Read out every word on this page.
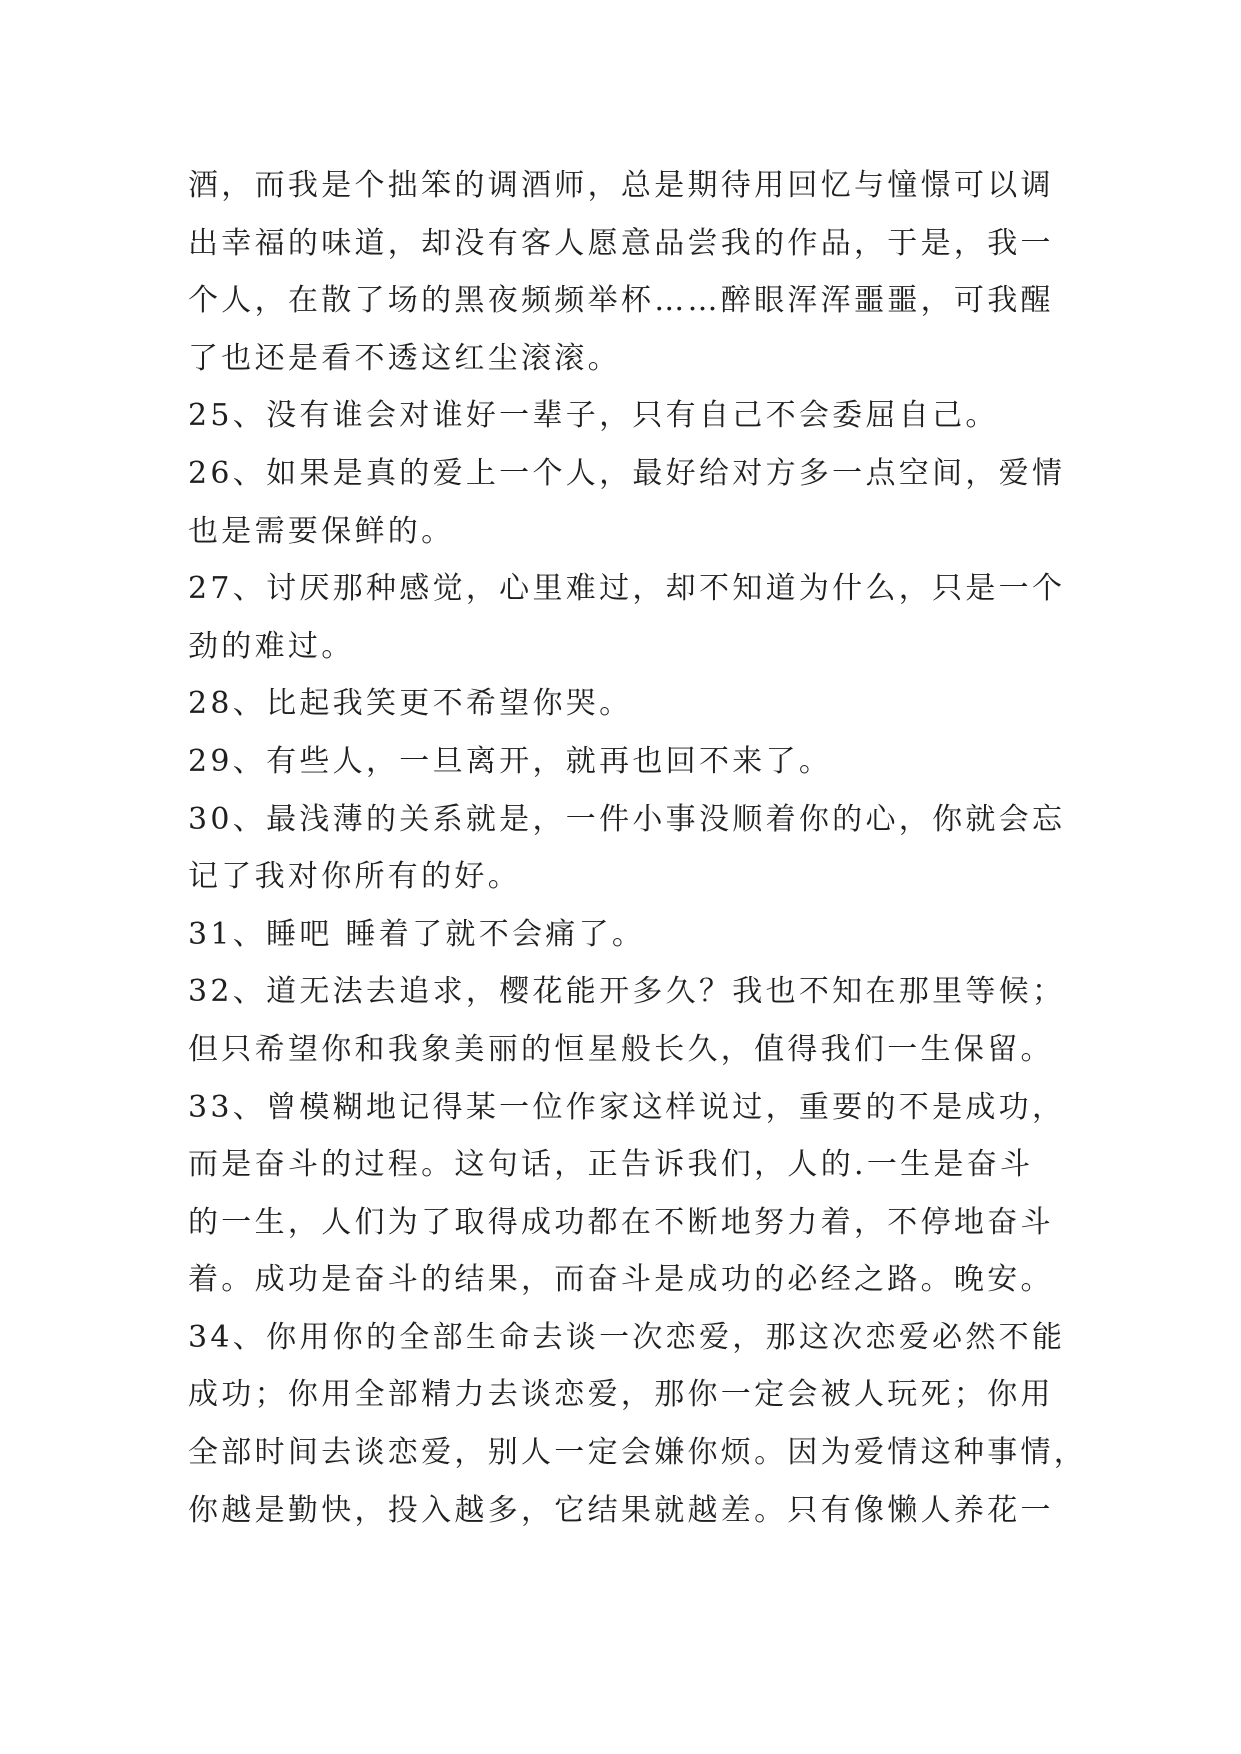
酒，而我是个拙笨的调酒师，总是期待用回忆与憧憬可以调
出幸福的味道，却没有客人愿意品尝我的作品，于是，我一
个人，在散了场的黑夜频频举杯……醉眼浑浑噩噩，可我醒
了也还是看不透这红尘滚滚。
25、没有谁会对谁好一辈子，只有自己不会委屈自己。
26、如果是真的爱上一个人，最好给对方多一点空间，爱情
也是需要保鲜的。
27、讨厌那种感觉，心里难过，却不知道为什么，只是一个
劲的难过。
28、比起我笑更不希望你哭。
29、有些人，一旦离开，就再也回不来了。
30、最浅薄的关系就是，一件小事没顺着你的心，你就会忘
记了我对你所有的好。
31、睡吧 睡着了就不会痛了。
32、道无法去追求，樱花能开多久？我也不知在那里等候；
但只希望你和我象美丽的恒星般长久，值得我们一生保留。
33、曾模糊地记得某一位作家这样说过，重要的不是成功，
而是奋斗的过程。这句话，正告诉我们，人的.一生是奋斗
的一生，人们为了取得成功都在不断地努力着，不停地奋斗
着。成功是奋斗的结果，而奋斗是成功的必经之路。晚安。
34、你用你的全部生命去谈一次恋爱，那这次恋爱必然不能
成功；你用全部精力去谈恋爱，那你一定会被人玩死；你用
全部时间去谈恋爱，别人一定会嫌你烦。因为爱情这种事情，
你越是勤快，投入越多，它结果就越差。只有像懒人养花一
